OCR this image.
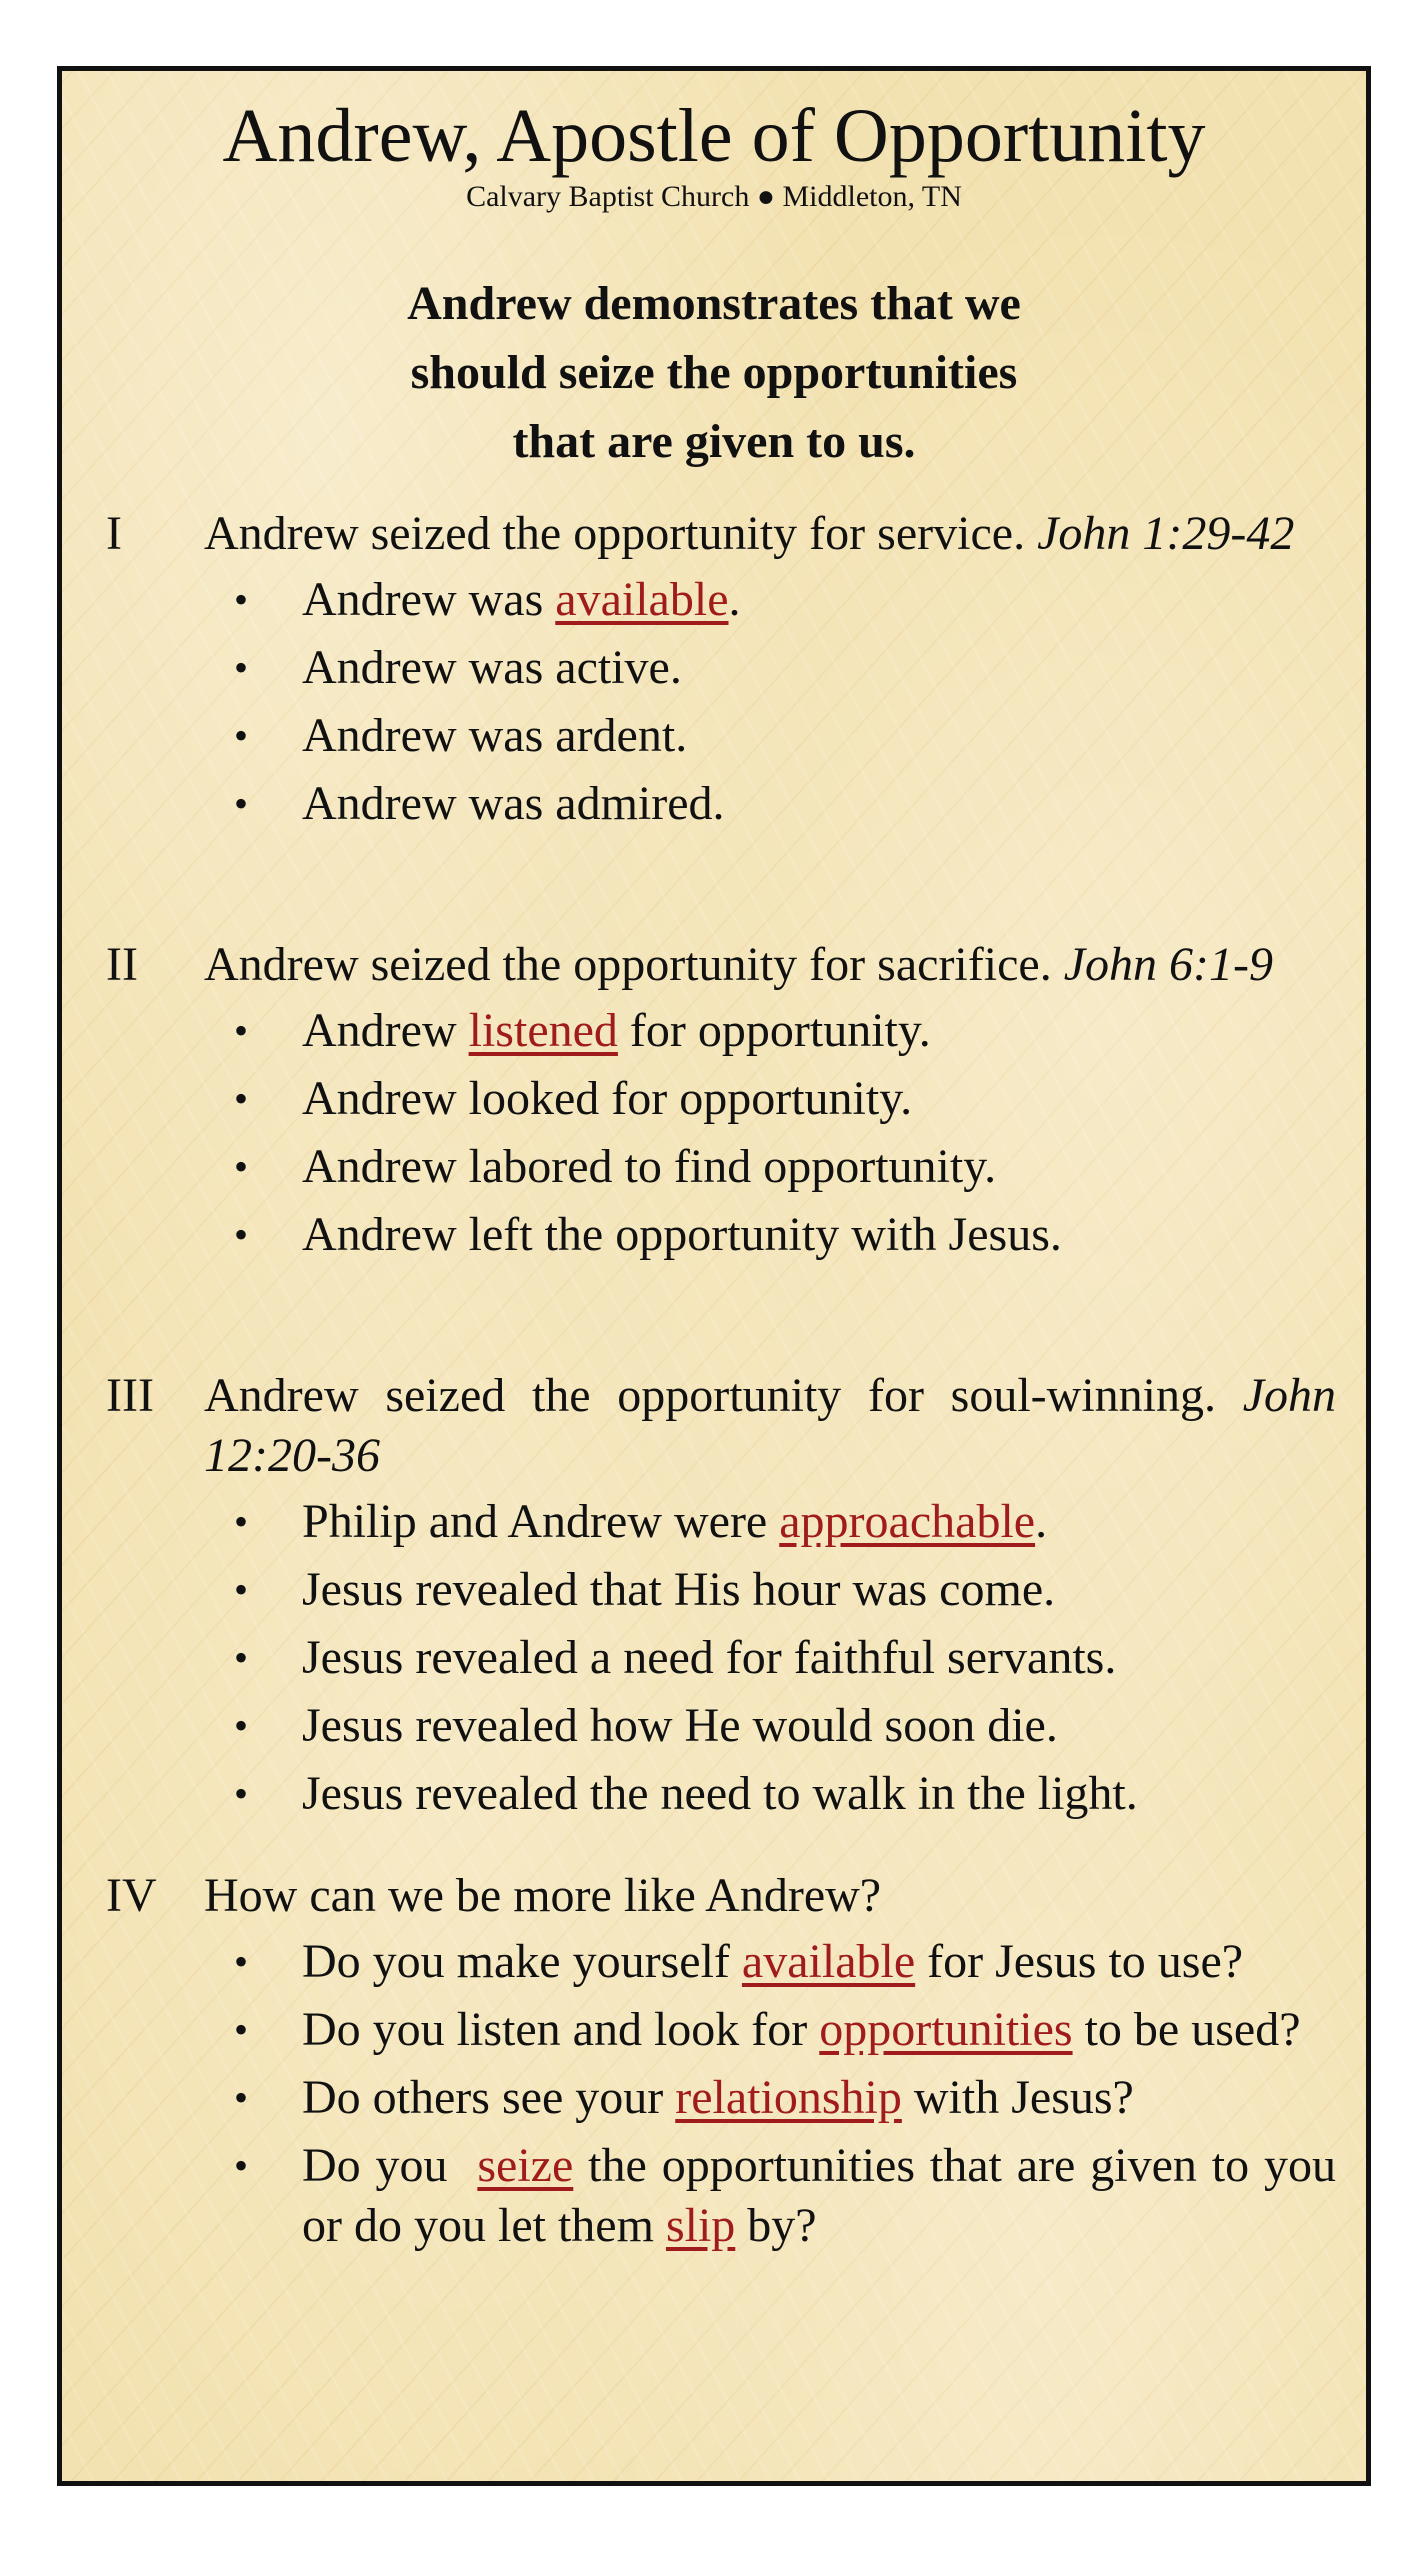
Andrew, Apostle of Opportunity
Calvary Baptist Church ● Middleton, TN
Andrew demonstrates that we
should seize the opportunities
that are given to us.
I Andrew seized the opportunity for service. John 1:29-42
• Andrew was available.
• Andrew was active.
• Andrew was ardent.
• Andrew was admired.
II Andrew seized the opportunity for sacrifice. John 6:1-9
• Andrew listened for opportunity.
• Andrew looked for opportunity.
• Andrew labored to find opportunity.
• Andrew left the opportunity with Jesus.
III Andrew seized the opportunity for soul-winning. John 12:20-36
• Philip and Andrew were approachable.
• Jesus revealed that His hour was come.
• Jesus revealed a need for faithful servants.
• Jesus revealed how He would soon die.
• Jesus revealed the need to walk in the light.
IV How can we be more like Andrew?
• Do you make yourself available for Jesus to use?
• Do you listen and look for opportunities to be used?
• Do others see your relationship with Jesus?
• Do you  seize the opportunities that are given to you or do you let them slip by?
